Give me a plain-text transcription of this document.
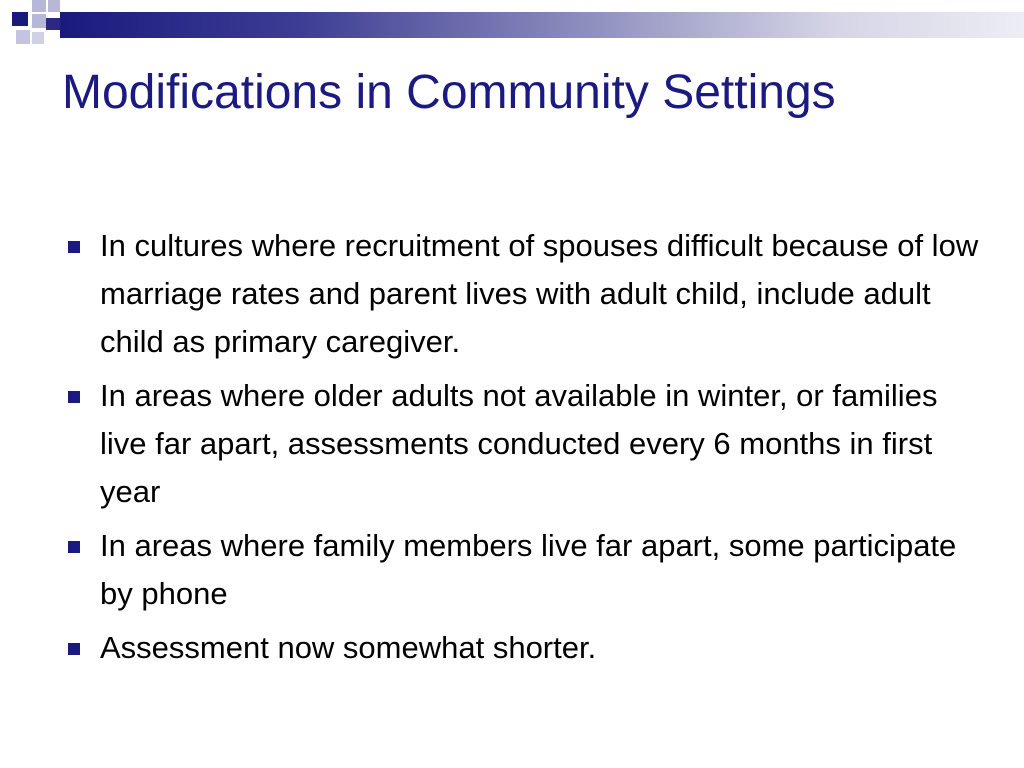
Modifications in Community Settings
In cultures where recruitment of spouses difficult because of low marriage rates and parent lives with adult child, include adult child as primary caregiver.
In areas where older adults not available in winter, or families live far apart, assessments conducted every 6 months in first year
In areas where family members live far apart, some participate by phone
Assessment now somewhat shorter.
